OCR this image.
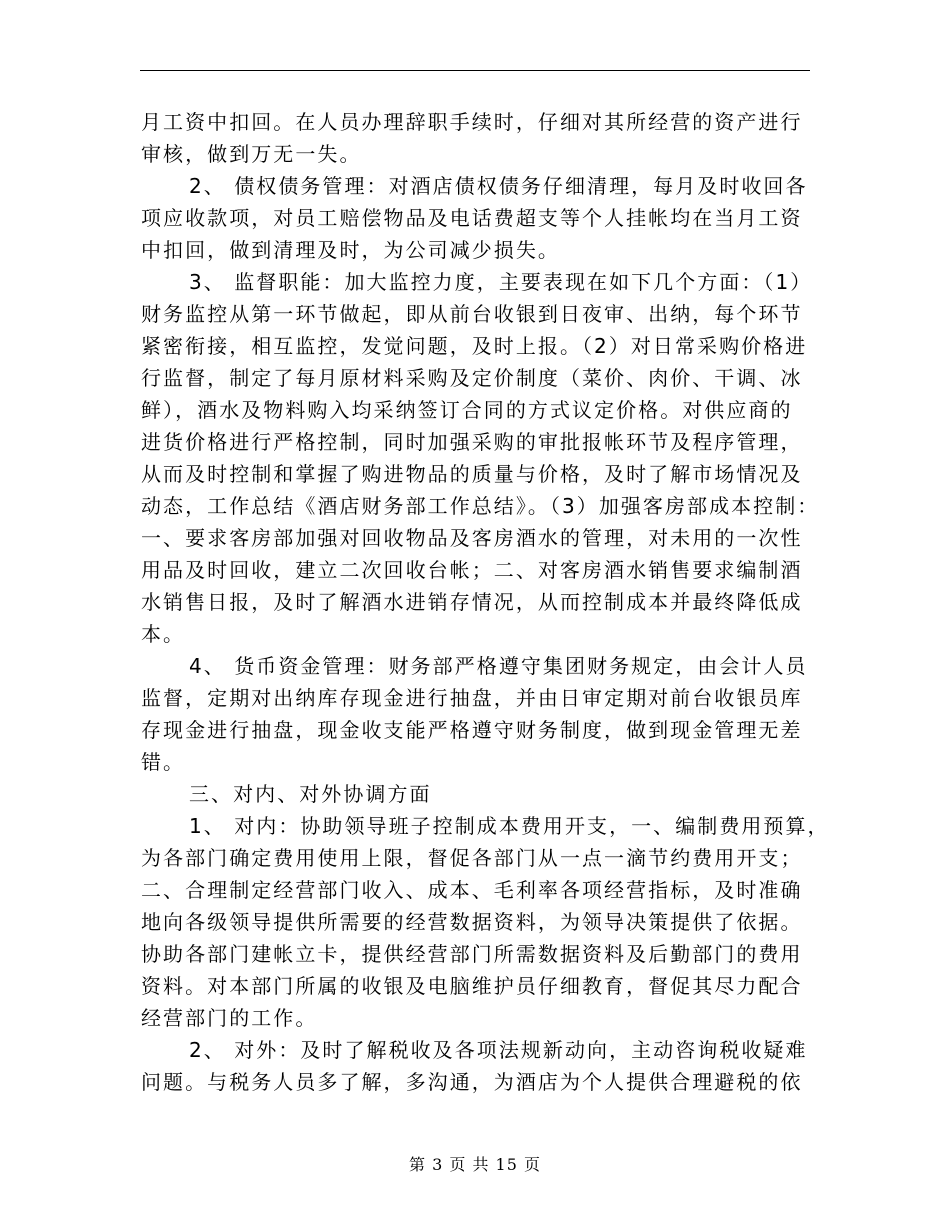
月工资中扣回。在人员办理辞职手续时，仔细对其所经营的资产进行
审核，做到万无一失。
2、 债权债务管理：对酒店债权债务仔细清理，每月及时收回各
项应收款项，对员工赔偿物品及电话费超支等个人挂帐均在当月工资
中扣回，做到清理及时，为公司减少损失。
3、 监督职能：加大监控力度，主要表现在如下几个方面：（1）
财务监控从第一环节做起，即从前台收银到日夜审、出纳，每个环节
紧密衔接，相互监控，发觉问题，及时上报。（2）对日常采购价格进
行监督，制定了每月原材料采购及定价制度（菜价、肉价、干调、冰
鲜），酒水及物料购入均采纳签订合同的方式议定价格。对供应商的
进货价格进行严格控制，同时加强采购的审批报帐环节及程序管理，
从而及时控制和掌握了购进物品的质量与价格，及时了解市场情况及
动态，工作总结《酒店财务部工作总结》。（3）加强客房部成本控制：
一、要求客房部加强对回收物品及客房酒水的管理，对未用的一次性
用品及时回收，建立二次回收台帐；二、对客房酒水销售要求编制酒
水销售日报，及时了解酒水进销存情况，从而控制成本并最终降低成
本。
4、 货币资金管理：财务部严格遵守集团财务规定，由会计人员
监督，定期对出纳库存现金进行抽盘，并由日审定期对前台收银员库
存现金进行抽盘，现金收支能严格遵守财务制度，做到现金管理无差
错。
三、对内、对外协调方面
1、 对内：协助领导班子控制成本费用开支，一、编制费用预算，
为各部门确定费用使用上限，督促各部门从一点一滴节约费用开支；
二、合理制定经营部门收入、成本、毛利率各项经营指标，及时准确
地向各级领导提供所需要的经营数据资料，为领导决策提供了依据。
协助各部门建帐立卡，提供经营部门所需数据资料及后勤部门的费用
资料。对本部门所属的收银及电脑维护员仔细教育，督促其尽力配合
经营部门的工作。
2、 对外：及时了解税收及各项法规新动向，主动咨询税收疑难
问题。与税务人员多了解，多沟通，为酒店为个人提供合理避税的依
第 3 页 共 15 页
